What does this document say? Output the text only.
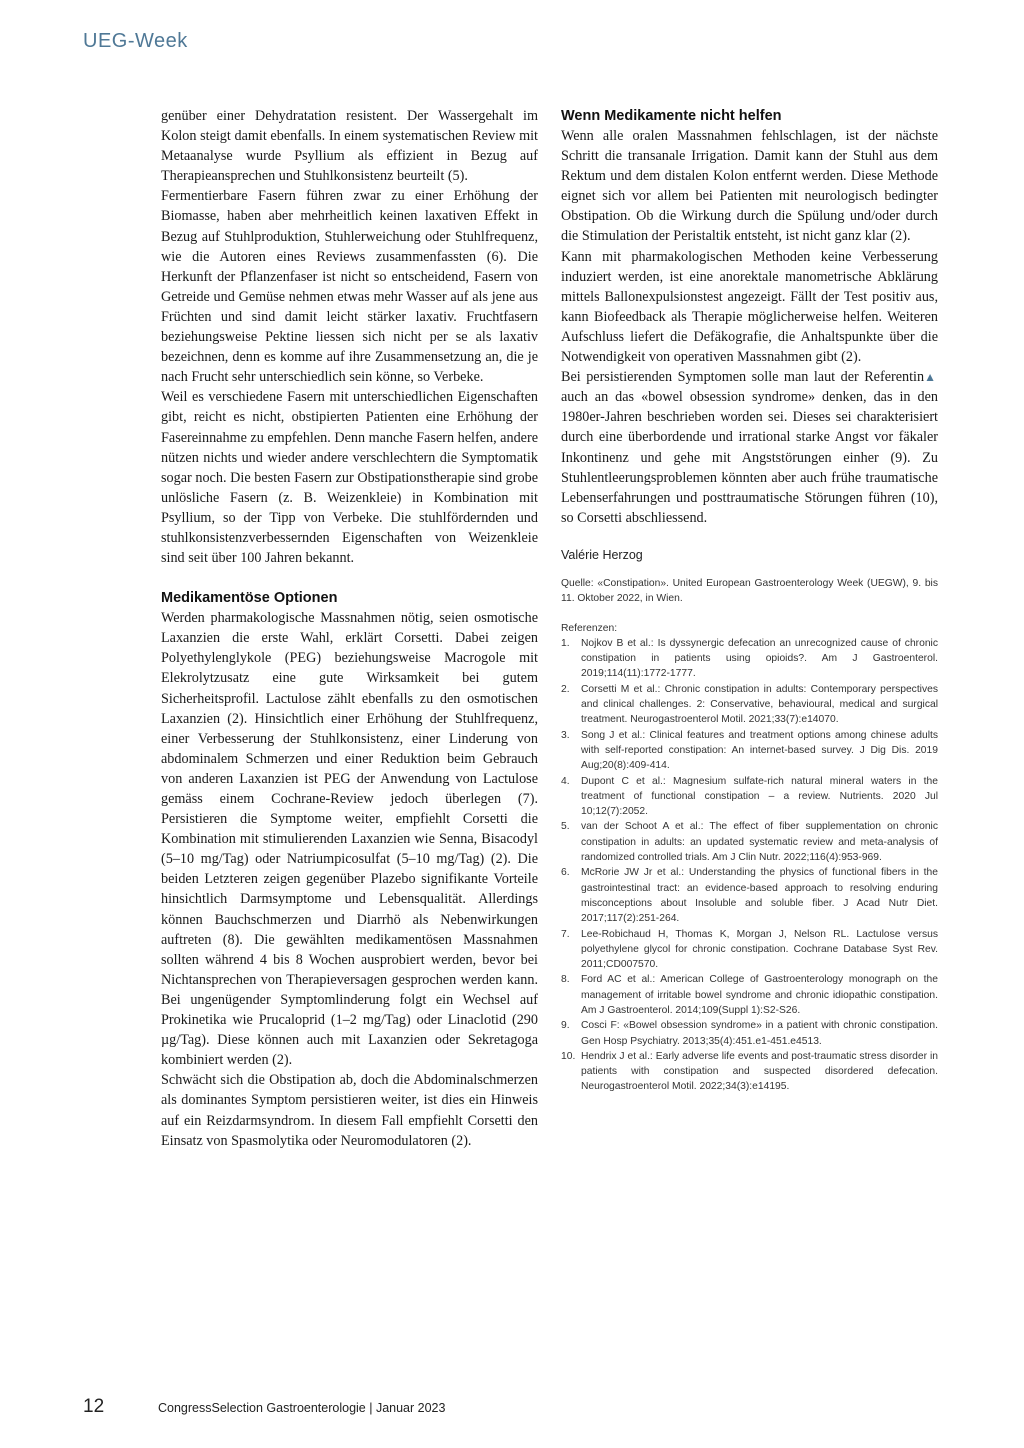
UEG-Week

genüber einer Dehydratation resistent. Der Wassergehalt im Kolon steigt damit ebenfalls. In einem systematischen Review mit Metaanalyse wurde Psyllium als effizient in Bezug auf Therapieansprechen und Stuhlkonsistenz beurteilt (5).

Fermentierbare Fasern führen zwar zu einer Erhöhung der Biomasse, haben aber mehrheitlich keinen laxativen Effekt in Bezug auf Stuhlproduktion, Stuhlerweichung oder Stuhlfrequenz, wie die Autoren eines Reviews zusammenfassten (6). Die Herkunft der Pflanzenfaser ist nicht so entscheidend, Fasern von Getreide und Gemüse nehmen etwas mehr Wasser auf als jene aus Früchten und sind damit leicht stärker laxativ. Fruchtfasern beziehungsweise Pektine liessen sich nicht per se als laxativ bezeichnen, denn es komme auf ihre Zusammensetzung an, die je nach Frucht sehr unterschiedlich sein könne, so Verbeke.

Weil es verschiedene Fasern mit unterschiedlichen Eigenschaften gibt, reicht es nicht, obstipierten Patienten eine Erhöhung der Fasereinnahme zu empfehlen. Denn manche Fasern helfen, andere nützen nichts und wieder andere verschlechtern die Symptomatik sogar noch. Die besten Fasern zur Obstipationstherapie sind grobe unlösliche Fasern (z. B. Weizenkleie) in Kombination mit Psyllium, so der Tipp von Verbeke. Die stuhlfördernden und stuhlkonsistenzverbessernden Eigenschaften von Weizenkleie sind seit über 100 Jahren bekannt.

Medikamentöse Optionen

Werden pharmakologische Massnahmen nötig, seien osmotische Laxanzien die erste Wahl, erklärt Corsetti. Dabei zeigen Polyethylenglykole (PEG) beziehungsweise Macrogole mit Elekrolytzusatz eine gute Wirksamkeit bei gutem Sicherheitsprofil. Lactulose zählt ebenfalls zu den osmotischen Laxanzien (2). Hinsichtlich einer Erhöhung der Stuhlfrequenz, einer Verbesserung der Stuhlkonsistenz, einer Linderung von abdominalem Schmerzen und einer Reduktion beim Gebrauch von anderen Laxanzien ist PEG der Anwendung von Lactulose gemäss einem Cochrane-Review jedoch überlegen (7). Persistieren die Symptome weiter, empfiehlt Corsetti die Kombination mit stimulierenden Laxanzien wie Senna, Bisacodyl (5–10 mg/Tag) oder Natriumpicosulfat (5–10 mg/Tag) (2). Die beiden Letzteren zeigen gegenüber Plazebo signifikante Vorteile hinsichtlich Darmsymptome und Lebensqualität. Allerdings können Bauchschmerzen und Diarrhö als Nebenwirkungen auftreten (8). Die gewählten medikamentösen Massnahmen sollten während 4 bis 8 Wochen ausprobiert werden, bevor bei Nichtansprechen von Therapieversagen gesprochen werden kann. Bei ungenügender Symptomlinderung folgt ein Wechsel auf Prokinetika wie Prucaloprid (1–2 mg/Tag) oder Linaclotid (290 µg/Tag). Diese können auch mit Laxanzien oder Sekretagoga kombiniert werden (2).

Schwächt sich die Obstipation ab, doch die Abdominalschmerzen als dominantes Symptom persistieren weiter, ist dies ein Hinweis auf ein Reizdarmsyndrom. In diesem Fall empfiehlt Corsetti den Einsatz von Spasmolytika oder Neuromodulatoren (2).

Wenn Medikamente nicht helfen

Wenn alle oralen Massnahmen fehlschlagen, ist der nächste Schritt die transanale Irrigation. Damit kann der Stuhl aus dem Rektum und dem distalen Kolon entfernt werden. Diese Methode eignet sich vor allem bei Patienten mit neurologisch bedingter Obstipation. Ob die Wirkung durch die Spülung und/oder durch die Stimulation der Peristaltik entsteht, ist nicht ganz klar (2).

Kann mit pharmakologischen Methoden keine Verbesserung induziert werden, ist eine anorektale manometrische Abklärung mittels Ballonexpulsionstest angezeigt. Fällt der Test positiv aus, kann Biofeedback als Therapie möglicherweise helfen. Weiteren Aufschluss liefert die Defäkografie, die Anhaltspunkte über die Notwendigkeit von operativen Massnahmen gibt (2).

▲
Bei persistierenden Symptomen solle man laut der Referentin auch an das «bowel obsession syndrome» denken, das in den 1980er-Jahren beschrieben worden sei. Dieses sei charakterisiert durch eine überbordende und irrational starke Angst vor fäkaler Inkontinenz und gehe mit Angststörungen einher (9). Zu Stuhlentleerungsproblemen könnten aber auch frühe traumatische Lebenserfahrungen und posttraumatische Störungen führen (10), so Corsetti abschliessend.

Valérie Herzog
Quelle: «Constipation». United European Gastroenterology Week (UEGW), 9. bis 11. Oktober 2022, in Wien.
Referenzen:
1.	Nojkov B et al.: Is dyssynergic defecation an unrecognized cause of chronic constipation in patients using opioids?. Am J Gastroenterol. 2019;114(11):1772-1777.
2.	Corsetti M et al.: Chronic constipation in adults: Contemporary perspectives and clinical challenges. 2: Conservative, behavioural, medical and surgical treatment. Neurogastroenterol Motil. 2021;33(7):e14070.
3.	Song J et al.: Clinical features and treatment options among chinese adults with self-reported constipation: An internet-based survey. J Dig Dis. 2019 Aug;20(8):409-414.
4.	Dupont C et al.: Magnesium sulfate-rich natural mineral waters in the treatment of functional constipation – a review. Nutrients. 2020 Jul 10;12(7):2052.
5.	van der Schoot A et al.: The effect of fiber supplementation on chronic constipation in adults: an updated systematic review and meta-analysis of randomized controlled trials. Am J Clin Nutr. 2022;116(4):953-969.
6.	McRorie JW Jr et al.: Understanding the physics of functional fibers in the gastrointestinal tract: an evidence-based approach to resolving enduring misconceptions about Insoluble and soluble fiber. J Acad Nutr Diet. 2017;117(2):251-264.
7.	Lee-Robichaud H, Thomas K, Morgan J, Nelson RL. Lactulose versus polyethylene glycol for chronic constipation. Cochrane Database Syst Rev. 2011;CD007570.
8.	Ford AC et al.: American College of Gastroenterology monograph on the management of irritable bowel syndrome and chronic idiopathic constipation. Am J Gastroenterol. 2014;109(Suppl 1):S2-S26.
9.	Cosci F: «Bowel obsession syndrome» in a patient with chronic constipation. Gen Hosp Psychiatry. 2013;35(4):451.e1-451.e4513.
10. Hendrix J et al.: Early adverse life events and post-traumatic stress disorder in patients with constipation and suspected disordered defecation. Neurogastroenterol Motil. 2022;34(3):e14195.
12	CongressSelection Gastroenterologie | Januar 2023
